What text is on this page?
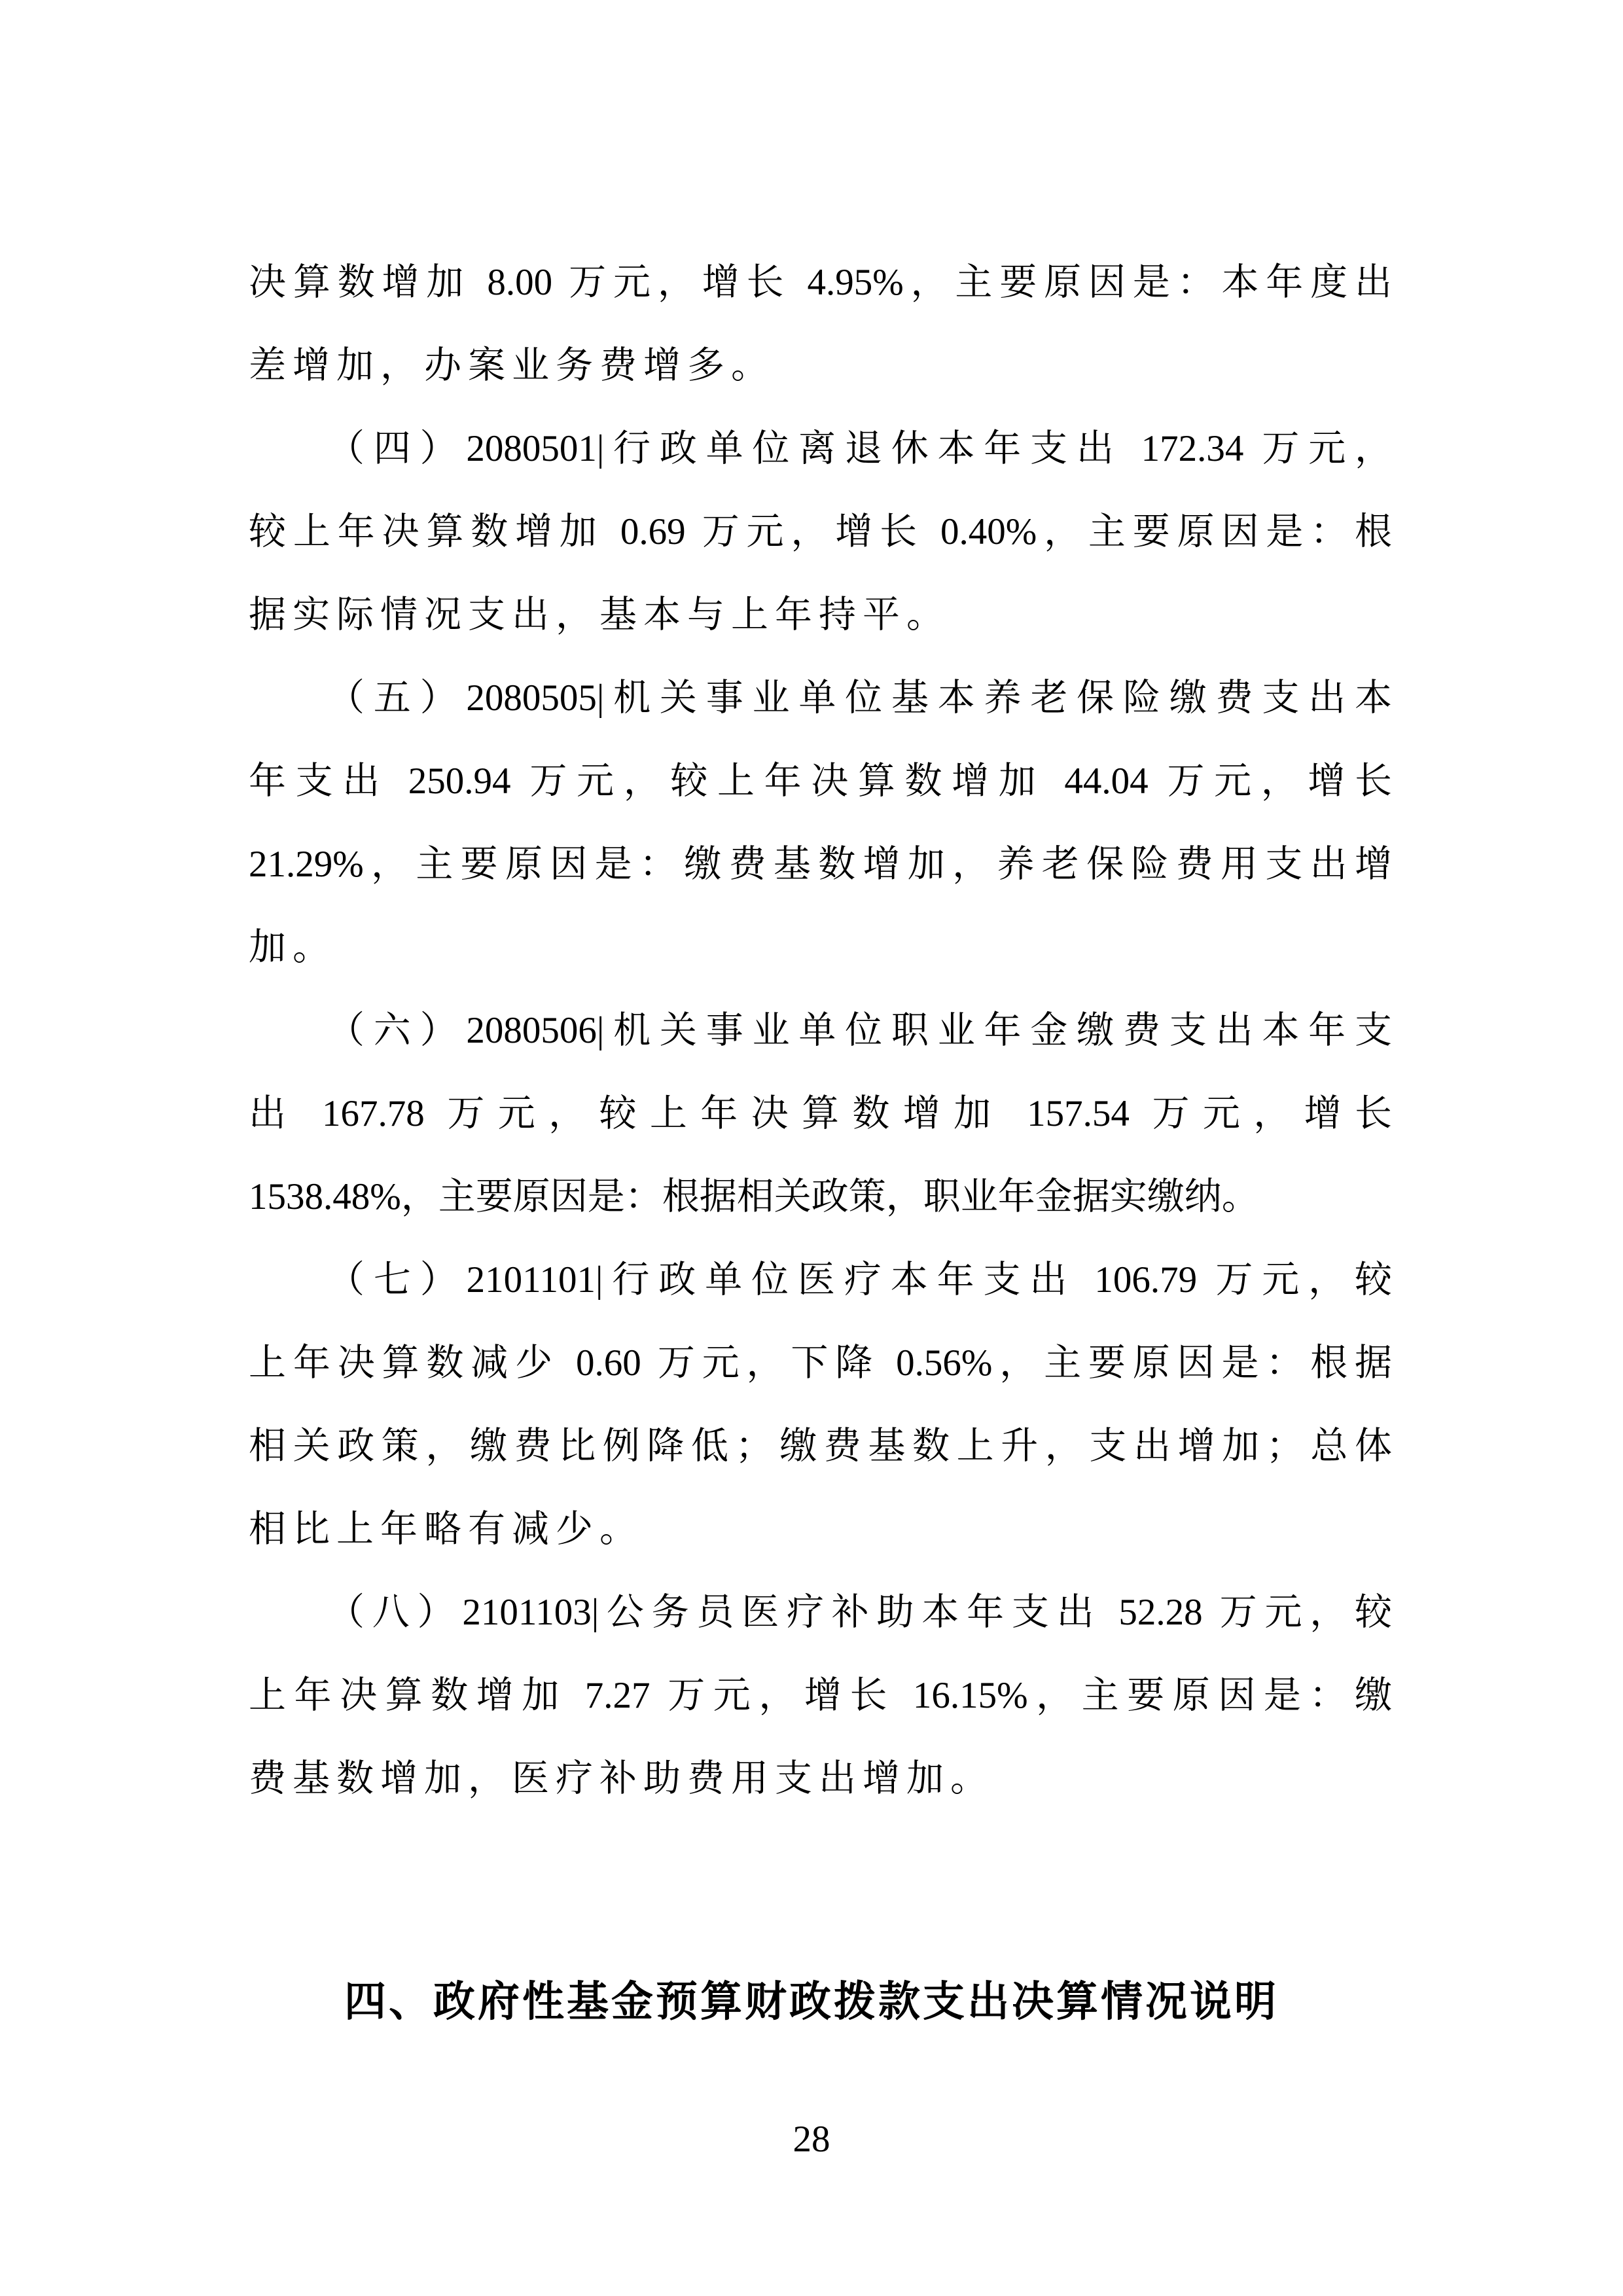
决算数增加 8.00 万元，增长 4.95%，主要原因是：本年度出
差增加，办案业务费增多。
（四）2080501|行政单位离退休本年支出 172.34 万元，
较上年决算数增加 0.69 万元，增长 0.40%，主要原因是：根
据实际情况支出，基本与上年持平。
（五）2080505|机关事业单位基本养老保险缴费支出本
年支出 250.94 万元，较上年决算数增加 44.04 万元，增长
21.29%，主要原因是：缴费基数增加，养老保险费用支出增
加。
（六）2080506|机关事业单位职业年金缴费支出本年支
出 167.78 万元，较上年决算数增加 157.54 万元，增长
1538.48%，主要原因是：根据相关政策，职业年金据实缴纳。
（七）2101101|行政单位医疗本年支出 106.79 万元，较
上年决算数减少 0.60 万元，下降 0.56%，主要原因是：根据
相关政策，缴费比例降低；缴费基数上升，支出增加；总体
相比上年略有减少。
（八）2101103|公务员医疗补助本年支出 52.28 万元，较
上年决算数增加 7.27 万元，增长 16.15%，主要原因是：缴
费基数增加，医疗补助费用支出增加。
四、政府性基金预算财政拨款支出决算情况说明
28
